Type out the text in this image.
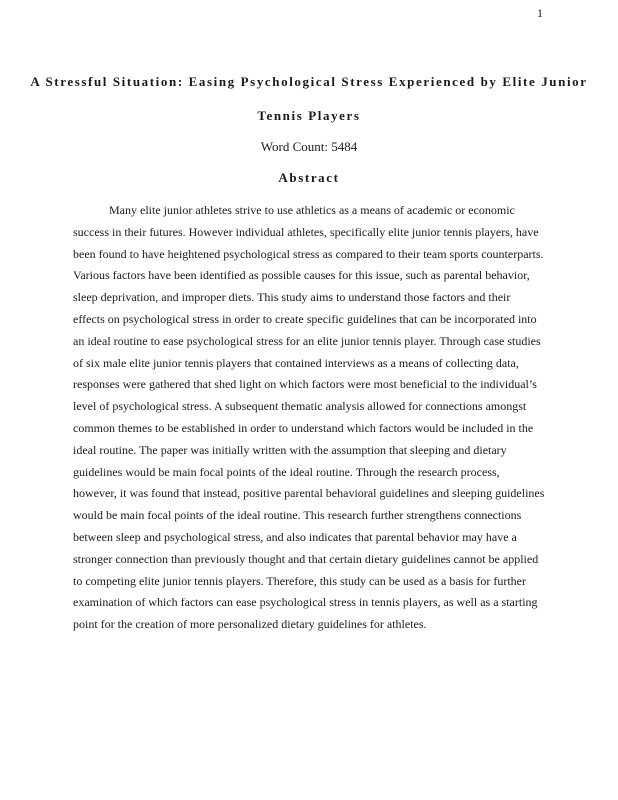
1
A Stressful Situation: Easing Psychological Stress Experienced by Elite Junior
Tennis Players
Word Count: 5484
Abstract

Many elite junior athletes strive to use athletics as a means of academic or economic success in their futures. However individual athletes, specifically elite junior tennis players, have been found to have heightened psychological stress as compared to their team sports counterparts. Various factors have been identified as possible causes for this issue, such as parental behavior, sleep deprivation, and improper diets. This study aims to understand those factors and their effects on psychological stress in order to create specific guidelines that can be incorporated into an ideal routine to ease psychological stress for an elite junior tennis player. Through case studies of six male elite junior tennis players that contained interviews as a means of collecting data, responses were gathered that shed light on which factors were most beneficial to the individual’s level of psychological stress. A subsequent thematic analysis allowed for connections amongst common themes to be established in order to understand which factors would be included in the ideal routine. The paper was initially written with the assumption that sleeping and dietary guidelines would be main focal points of the ideal routine. Through the research process, however, it was found that instead, positive parental behavioral guidelines and sleeping guidelines would be main focal points of the ideal routine. This research further strengthens connections between sleep and psychological stress, and also indicates that parental behavior may have a stronger connection than previously thought and that certain dietary guidelines cannot be applied to competing elite junior tennis players. Therefore, this study can be used as a basis for further examination of which factors can ease psychological stress in tennis players, as well as a starting point for the creation of more personalized dietary guidelines for athletes.
